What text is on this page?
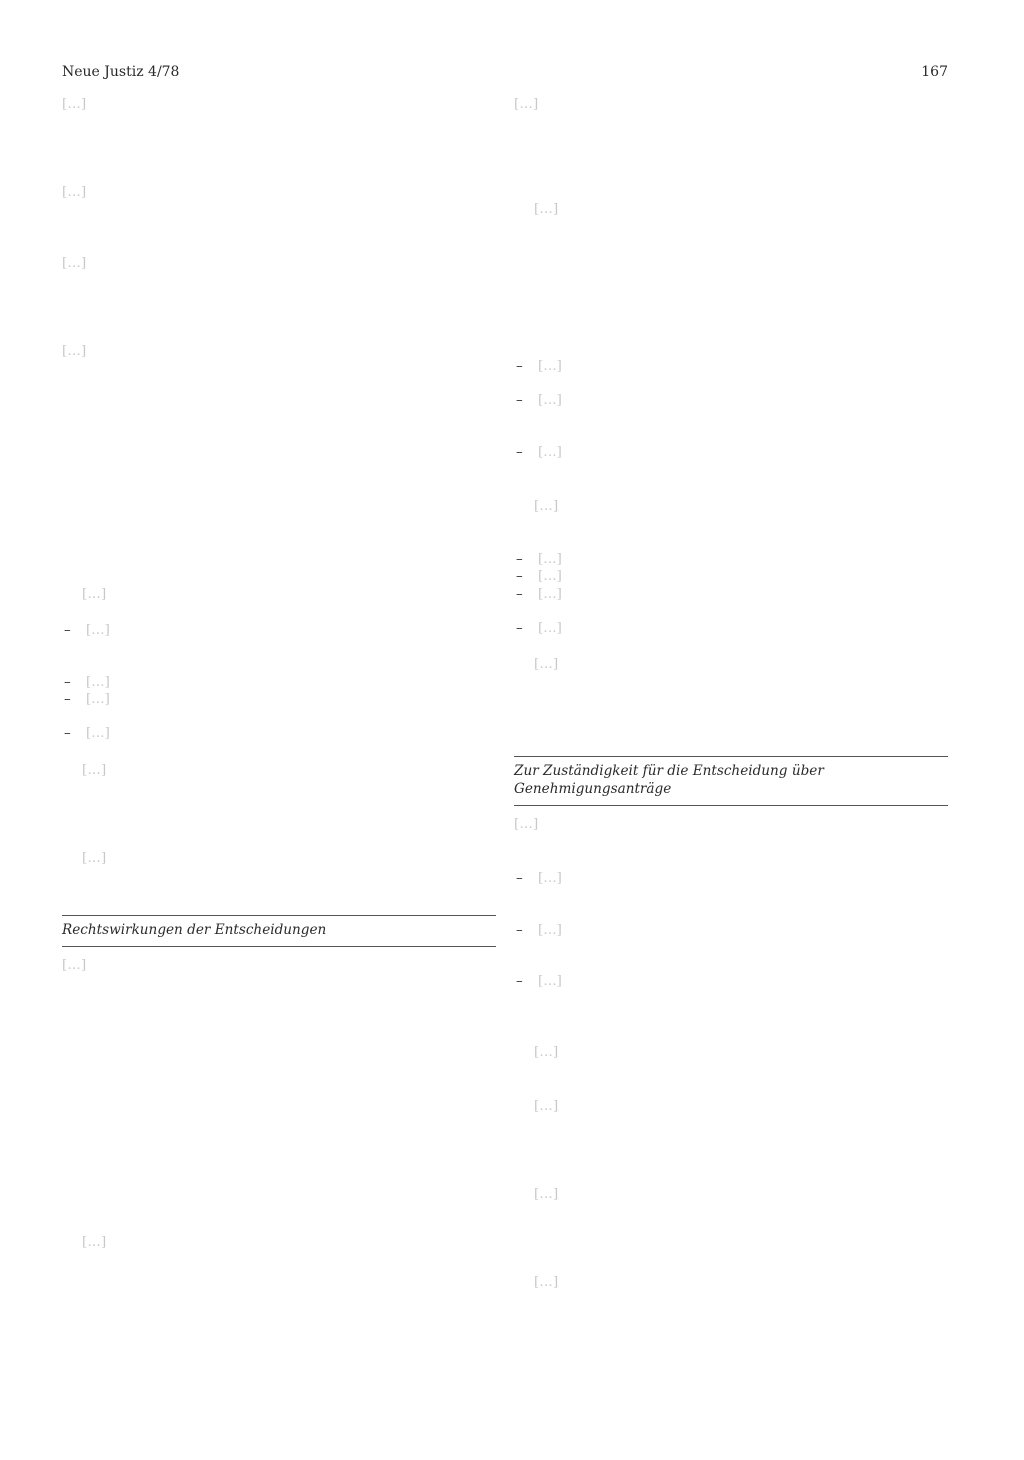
Neue Justiz 4/78	167

[…]

[…]

[…]

[…]

[…]

– […]
– […]
– […]
– […]

[…]

[…]

Rechtswirkungen der Entscheidungen

[…]

[…]

[…]

[…]

– […]
– […]
– […]

[…]

– […]
– […]
– […]
– […]

[…]

Zur Zuständigkeit für die Entscheidung über Genehmigungsanträge

[…]

– […]
– […]
– […]

[…]

[…]

[…]

[…]
